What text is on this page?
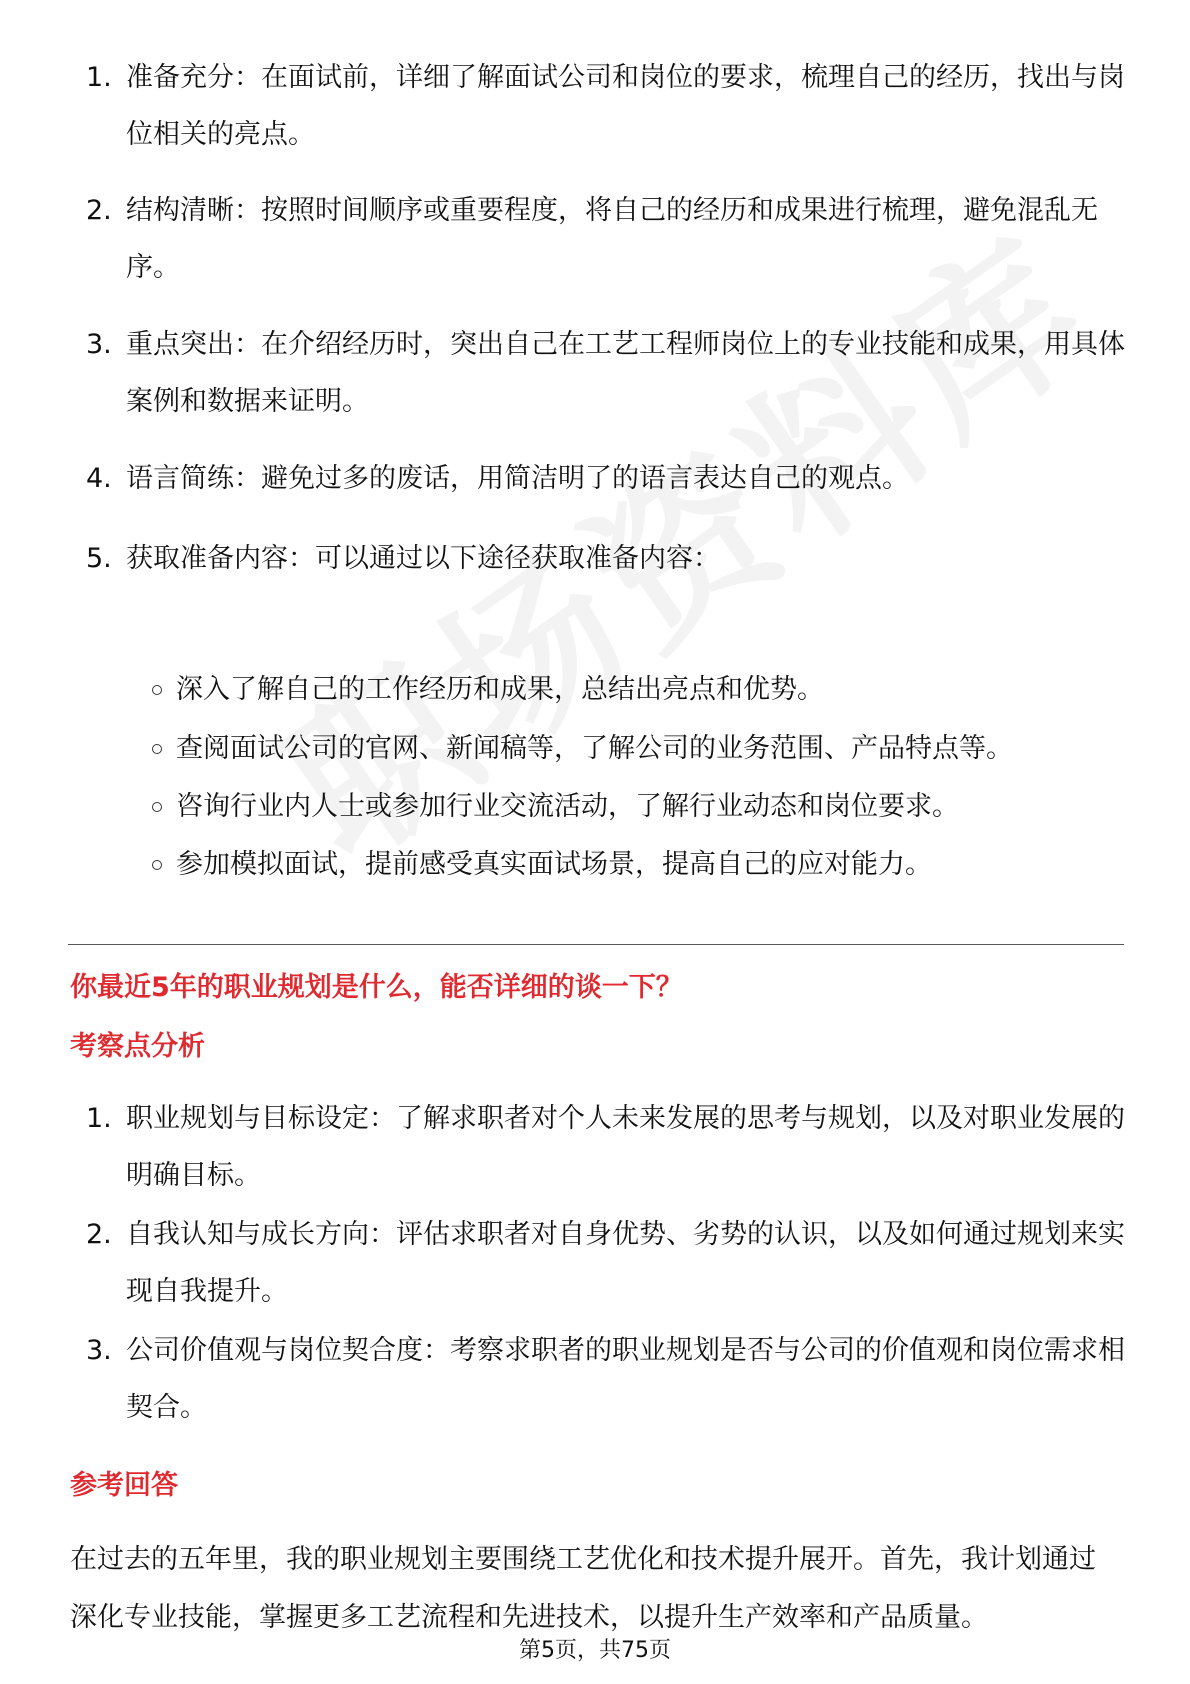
1. 准备充分：在面试前，详细了解面试公司和岗位的要求，梳理自己的经历，找出与岗位相关的亮点。
2. 结构清晰：按照时间顺序或重要程度，将自己的经历和成果进行梳理，避免混乱无序。
3. 重点突出：在介绍经历时，突出自己在工艺工程师岗位上的专业技能和成果，用具体案例和数据来证明。
4. 语言简练：避免过多的废话，用简洁明了的语言表达自己的观点。
5. 获取准备内容：可以通过以下途径获取准备内容：
深入了解自己的工作经历和成果，总结出亮点和优势。
查阅面试公司的官网、新闻稿等，了解公司的业务范围、产品特点等。
咨询行业内人士或参加行业交流活动，了解行业动态和岗位要求。
参加模拟面试，提前感受真实面试场景，提高自己的应对能力。
你最近5年的职业规划是什么，能否详细的谈一下？
考察点分析
1. 职业规划与目标设定：了解求职者对个人未来发展的思考与规划，以及对职业发展的明确目标。
2. 自我认知与成长方向：评估求职者对自身优势、劣势的认识，以及如何通过规划来实现自我提升。
3. 公司价值观与岗位契合度：考察求职者的职业规划是否与公司的价值观和岗位需求相契合。
参考回答
在过去的五年里，我的职业规划主要围绕工艺优化和技术提升展开。首先，我计划通过深化专业技能，掌握更多工艺流程和先进技术，以提升生产效率和产品质量。
第5页，共75页
